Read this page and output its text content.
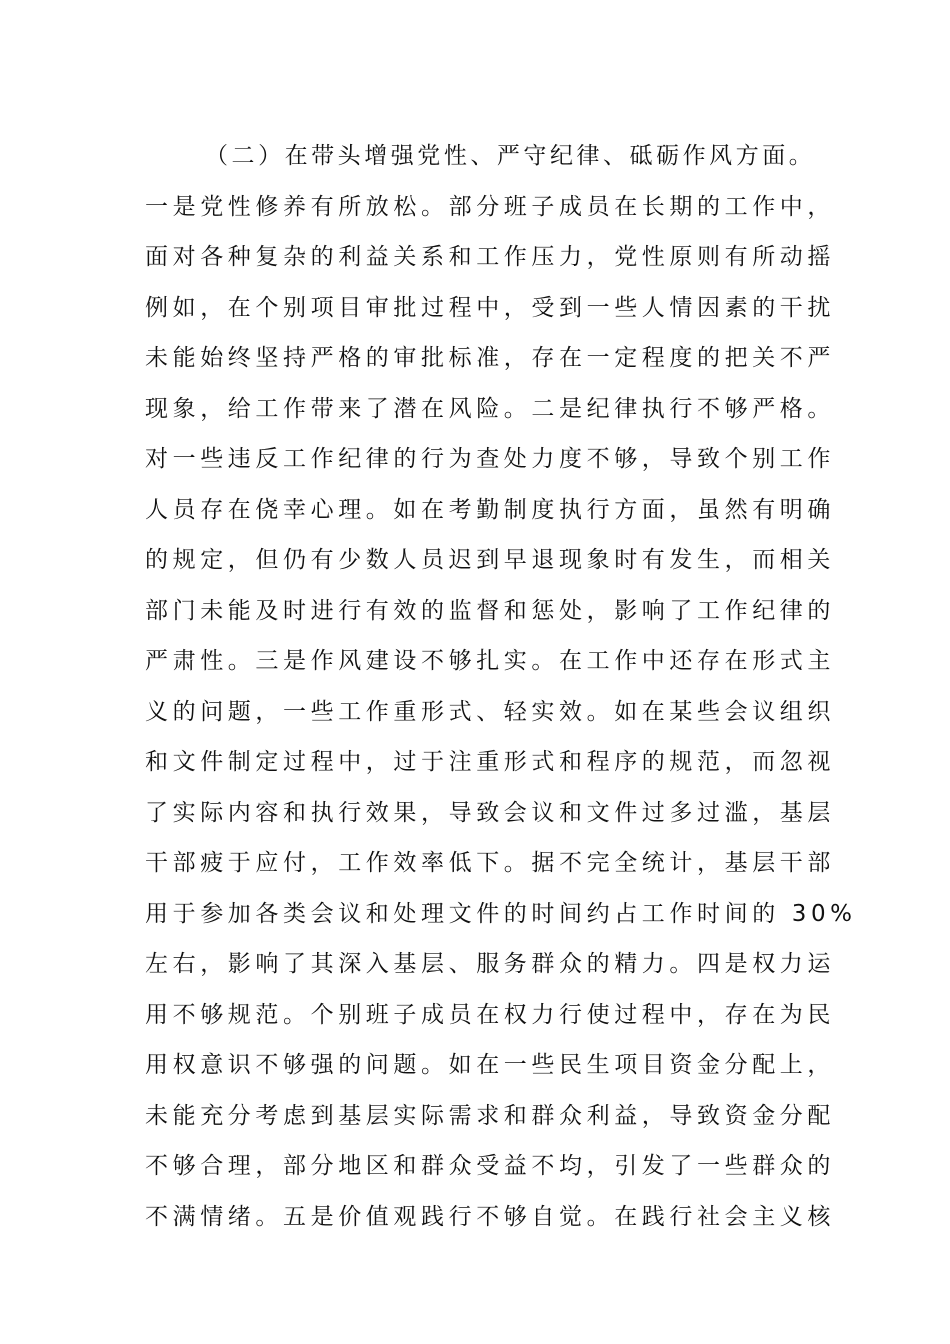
（二）在带头增强党性、严守纪律、砥砺作风方面。
一是党性修养有所放松。部分班子成员在长期的工作中，
面对各种复杂的利益关系和工作压力，党性原则有所动摇
例如，在个别项目审批过程中，受到一些人情因素的干扰
未能始终坚持严格的审批标准，存在一定程度的把关不严
现象，给工作带来了潜在风险。二是纪律执行不够严格。
对一些违反工作纪律的行为查处力度不够，导致个别工作
人员存在侥幸心理。如在考勤制度执行方面，虽然有明确
的规定，但仍有少数人员迟到早退现象时有发生，而相关
部门未能及时进行有效的监督和惩处，影响了工作纪律的
严肃性。三是作风建设不够扎实。在工作中还存在形式主
义的问题，一些工作重形式、轻实效。如在某些会议组织
和文件制定过程中，过于注重形式和程序的规范，而忽视
了实际内容和执行效果，导致会议和文件过多过滥，基层
干部疲于应付，工作效率低下。据不完全统计，基层干部
用于参加各类会议和处理文件的时间约占工作时间的 30%
左右，影响了其深入基层、服务群众的精力。四是权力运
用不够规范。个别班子成员在权力行使过程中，存在为民
用权意识不够强的问题。如在一些民生项目资金分配上，
未能充分考虑到基层实际需求和群众利益，导致资金分配
不够合理，部分地区和群众受益不均，引发了一些群众的
不满情绪。五是价值观践行不够自觉。在践行社会主义核
